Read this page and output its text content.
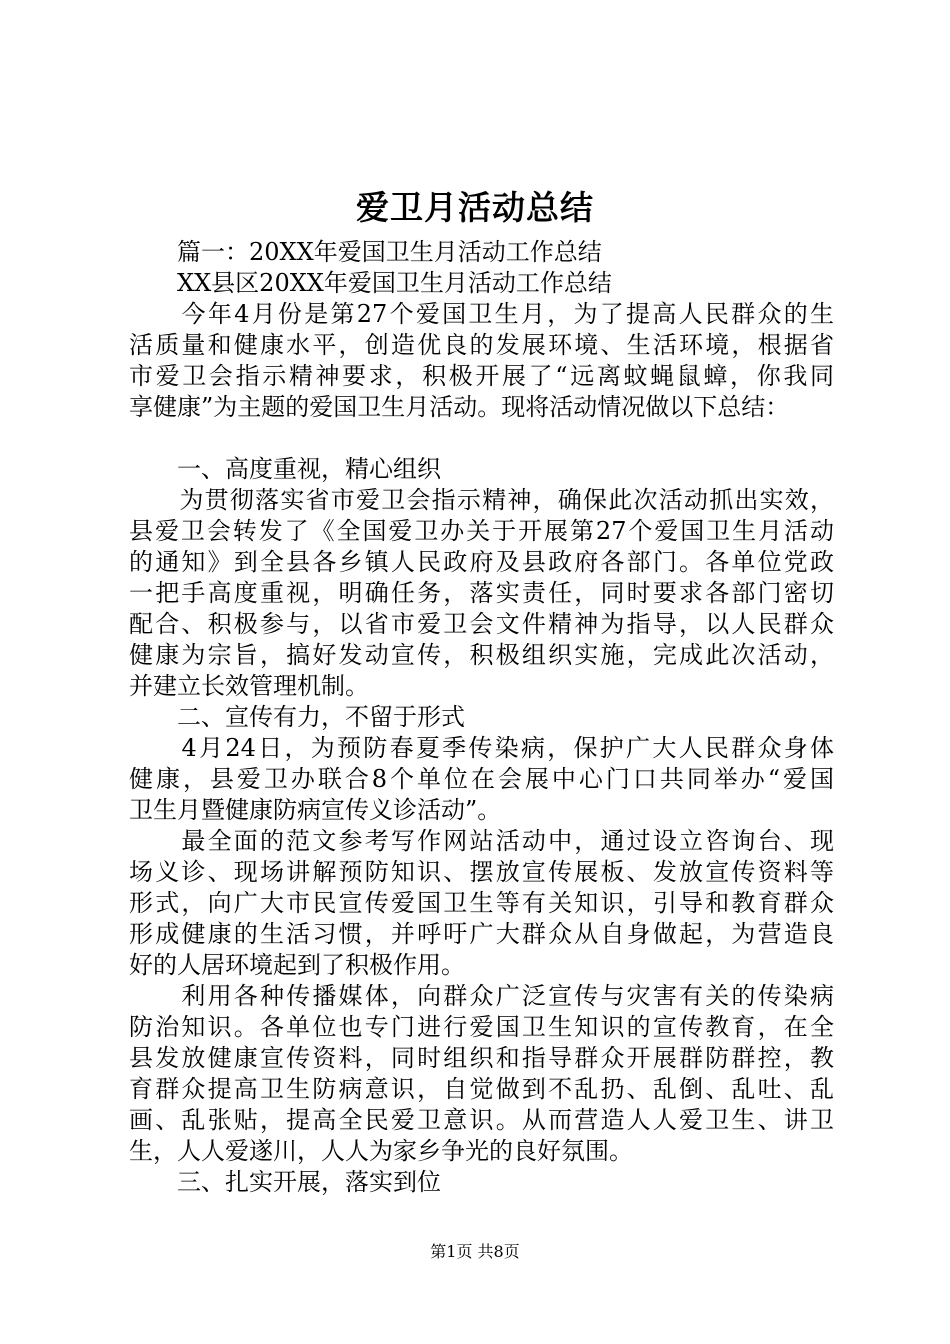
爱卫月活动总结
　　篇一：20XX年爱国卫生月活动工作总结
　　XX县区20XX年爱国卫生月活动工作总结
　　今年4月份是第27个爱国卫生月，为了提高人民群众的生
活质量和健康水平，创造优良的发展环境、生活环境，根据省
市爱卫会指示精神要求，积极开展了“远离蚊蝇鼠蟑，你我同
享健康”为主题的爱国卫生月活动。现将活动情况做以下总结：
　　一、高度重视，精心组织
　　为贯彻落实省市爱卫会指示精神，确保此次活动抓出实效，
县爱卫会转发了《全国爱卫办关于开展第27个爱国卫生月活动
的通知》到全县各乡镇人民政府及县政府各部门。各单位党政
一把手高度重视，明确任务，落实责任，同时要求各部门密切
配合、积极参与，以省市爱卫会文件精神为指导，以人民群众
健康为宗旨，搞好发动宣传，积极组织实施，完成此次活动，
并建立长效管理机制。
　　二、宣传有力，不留于形式
　　4月24日，为预防春夏季传染病，保护广大人民群众身体
健康，县爱卫办联合8个单位在会展中心门口共同举办“爱国
卫生月暨健康防病宣传义诊活动”。
　　最全面的范文参考写作网站活动中，通过设立咨询台、现
场义诊、现场讲解预防知识、摆放宣传展板、发放宣传资料等
形式，向广大市民宣传爱国卫生等有关知识，引导和教育群众
形成健康的生活习惯，并呼吁广大群众从自身做起，为营造良
好的人居环境起到了积极作用。
　　利用各种传播媒体，向群众广泛宣传与灾害有关的传染病
防治知识。各单位也专门进行爱国卫生知识的宣传教育，在全
县发放健康宣传资料，同时组织和指导群众开展群防群控，教
育群众提高卫生防病意识，自觉做到不乱扔、乱倒、乱吐、乱
画、乱张贴，提高全民爱卫意识。从而营造人人爱卫生、讲卫
生，人人爱遂川，人人为家乡争光的良好氛围。
　　三、扎实开展，落实到位
第1页 共8页
